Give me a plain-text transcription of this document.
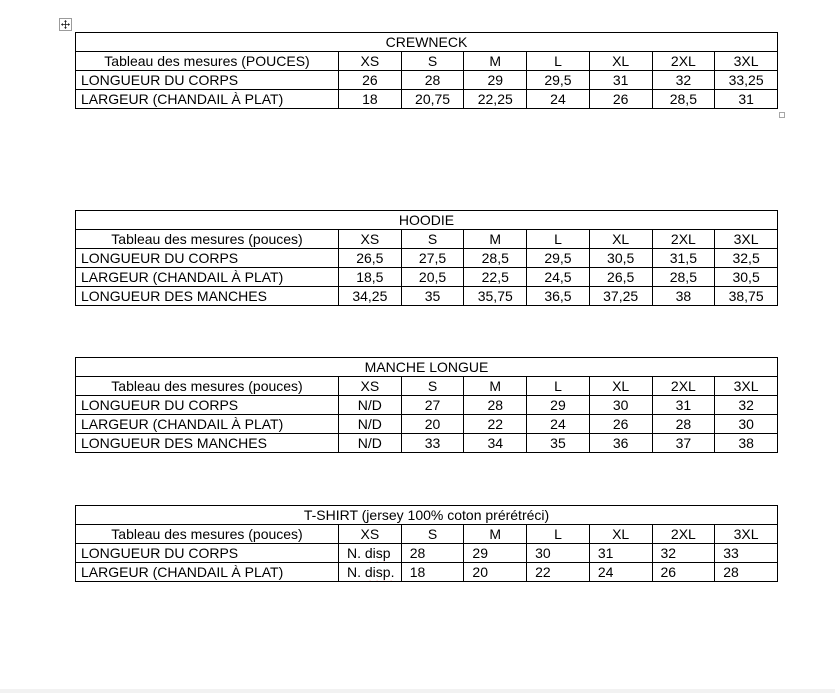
CREWNECK							
Tableau des mesures (POUCES)	XS	S	M	L	XL	2XL	3XL
LONGUEUR DU CORPS	26	28	29	29,5	31	32	33,25
LARGEUR (CHANDAIL À PLAT)	18	20,75	22,25	24	26	28,5	31
HOODIE							
Tableau des mesures (pouces)	XS	S	M	L	XL	2XL	3XL
LONGUEUR DU CORPS	26,5	27,5	28,5	29,5	30,5	31,5	32,5
LARGEUR (CHANDAIL À PLAT)	18,5	20,5	22,5	24,5	26,5	28,5	30,5
LONGUEUR DES MANCHES	34,25	35	35,75	36,5	37,25	38	38,75
MANCHE LONGUE							
Tableau des mesures (pouces)	XS	S	M	L	XL	2XL	3XL
LONGUEUR DU CORPS	N/D	27	28	29	30	31	32
LARGEUR (CHANDAIL À PLAT)	N/D	20	22	24	26	28	30
LONGUEUR DES MANCHES	N/D	33	34	35	36	37	38
T-SHIRT (jersey 100% coton prérétréci)							
Tableau des mesures (pouces)	XS	S	M	L	XL	2XL	3XL
LONGUEUR DU CORPS	N. disp	28	29	30	31	32	33
LARGEUR (CHANDAIL À PLAT)	N. disp.	18	20	22	24	26	28
